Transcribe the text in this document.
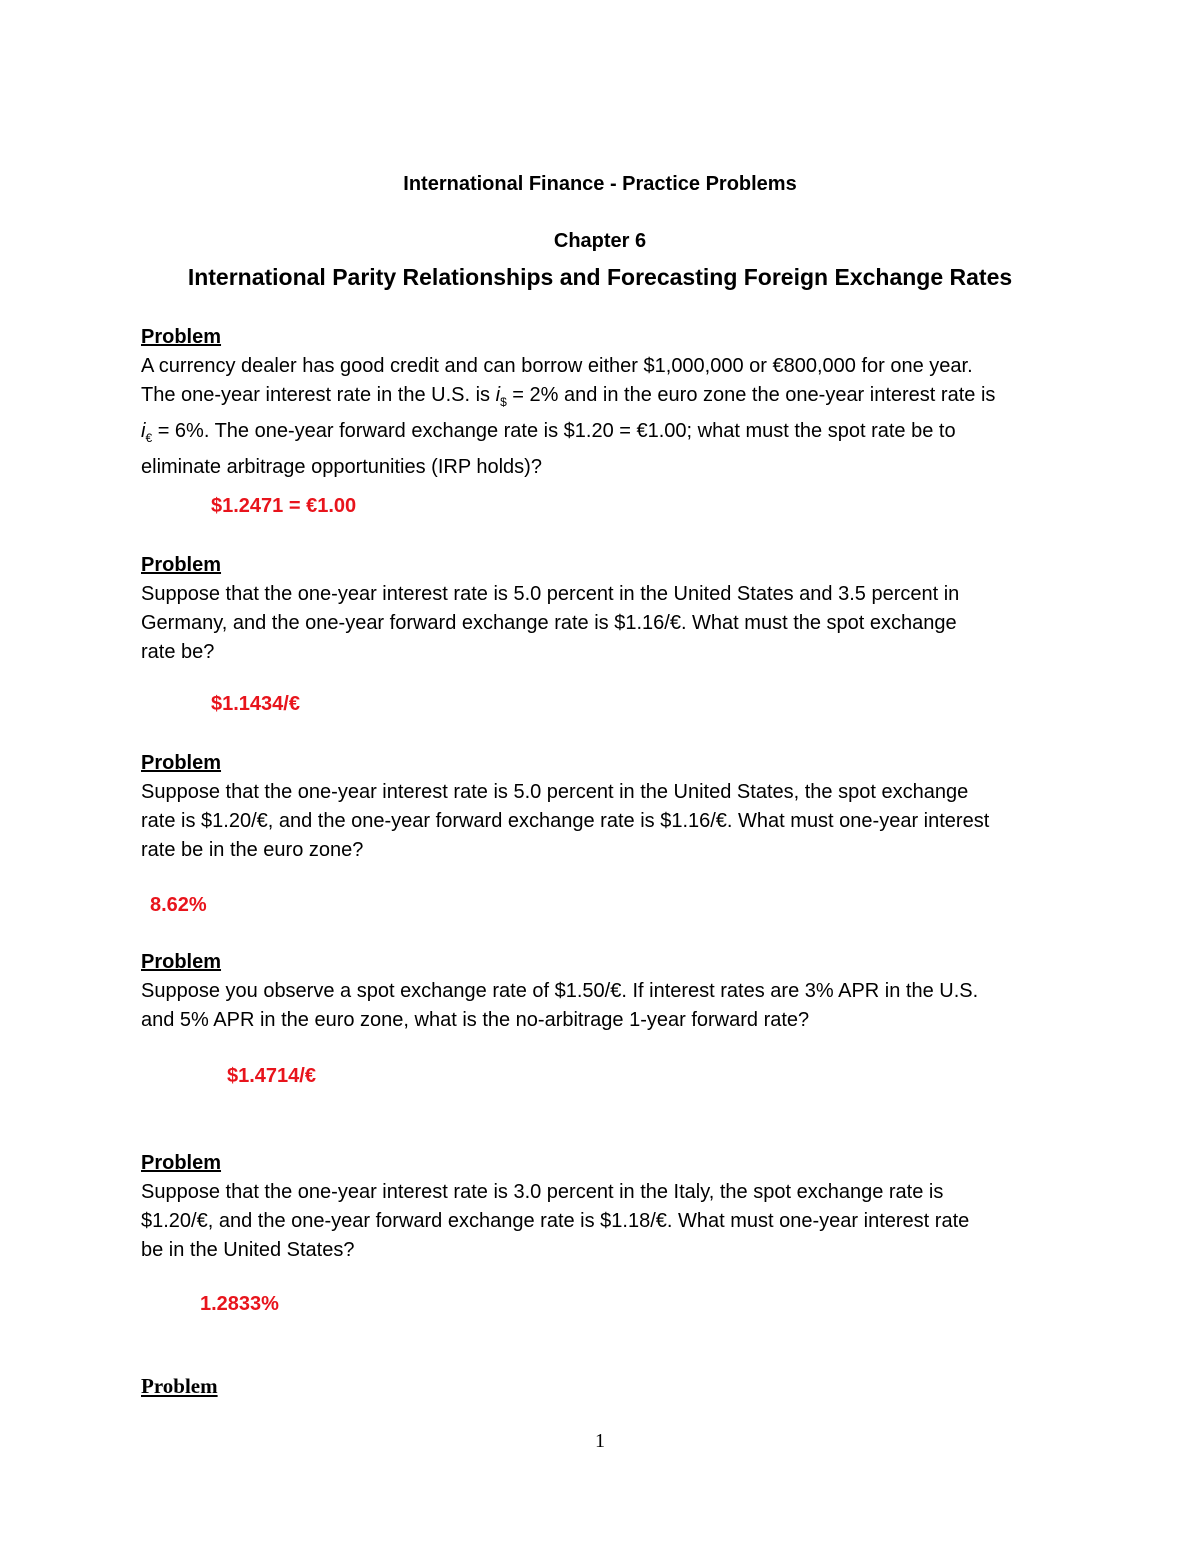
International Finance - Practice Problems
Chapter 6
International Parity Relationships and Forecasting Foreign Exchange Rates
Problem
A currency dealer has good credit and can borrow either $1,000,000 or €800,000 for one year.
The one-year interest rate in the U.S. is $i_{\$} = 2\%$ and in the euro zone the one-year interest rate is
$i_€ = 6\%$. The one-year forward exchange rate is $1.20 = €1.00; what must the spot rate be to
eliminate arbitrage opportunities (IRP holds)?
$1.2471 = €1.00
Problem
Suppose that the one-year interest rate is 5.0 percent in the United States and 3.5 percent in
Germany, and the one-year forward exchange rate is $1.16/€. What must the spot exchange
rate be?
$1.1434/€
Problem
Suppose that the one-year interest rate is 5.0 percent in the United States, the spot exchange
rate is $1.20/€, and the one-year forward exchange rate is $1.16/€. What must one-year interest
rate be in the euro zone?
8.62%
Problem
Suppose you observe a spot exchange rate of $1.50/€. If interest rates are 3% APR in the U.S.
and 5% APR in the euro zone, what is the no-arbitrage 1-year forward rate?
$1.4714/€
Problem
Suppose that the one-year interest rate is 3.0 percent in the Italy, the spot exchange rate is
$1.20/€, and the one-year forward exchange rate is $1.18/€. What must one-year interest rate
be in the United States?
1.2833%
Problem
1
